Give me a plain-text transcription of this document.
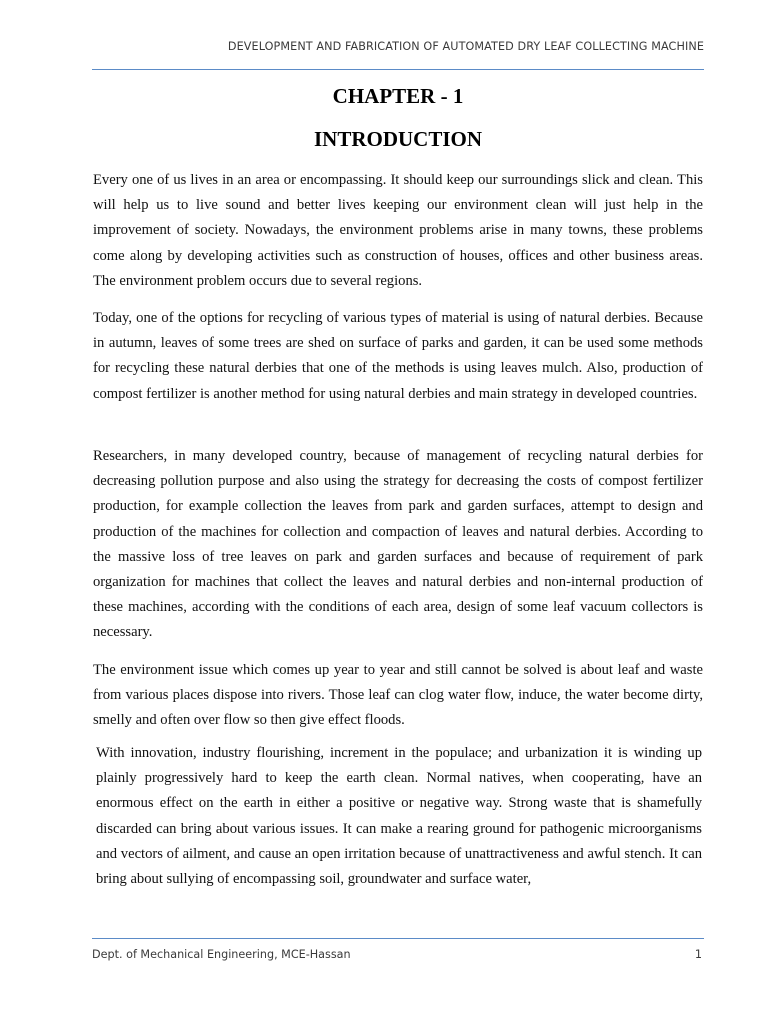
DEVELOPMENT AND FABRICATION OF AUTOMATED DRY LEAF COLLECTING MACHINE
CHAPTER - 1
INTRODUCTION

Every one of us lives in an area or encompassing. It should keep our surroundings slick and clean. This will help us to live sound and better lives keeping our environment clean will just help in the improvement of society. Nowadays, the environment problems arise in many towns, these problems come along by developing activities such as construction of houses, offices and other business areas. The environment problem occurs due to several regions.

Today, one of the options for recycling of various types of material is using of natural derbies. Because in autumn, leaves of some trees are shed on surface of parks and garden, it can be used some methods for recycling these natural derbies that one of the methods is using leaves mulch. Also, production of compost fertilizer is another method for using natural derbies and main strategy in developed countries.

Researchers, in many developed country, because of management of recycling natural derbies for decreasing pollution purpose and also using the strategy for decreasing the costs of compost fertilizer production, for example collection the leaves from park and garden surfaces, attempt to design and production of the machines for collection and compaction of leaves and natural derbies. According to the massive loss of tree leaves on park and garden surfaces and because of requirement of park organization for machines that collect the leaves and natural derbies and non-internal production of these machines, according with the conditions of each area, design of some leaf vacuum collectors is necessary.

The environment issue which comes up year to year and still cannot be solved is about leaf and waste from various places dispose into rivers. Those leaf can clog water flow, induce, the water become dirty, smelly and often over flow so then give effect floods.

With innovation, industry flourishing, increment in the populace; and urbanization it is winding up plainly progressively hard to keep the earth clean. Normal natives, when cooperating, have an enormous effect on the earth in either a positive or negative way. Strong waste that is shamefully discarded can bring about various issues. It can make a rearing ground for pathogenic microorganisms and vectors of ailment, and cause an open irritation because of unattractiveness and awful stench. It can bring about sullying of encompassing soil, groundwater and surface water,

Dept. of Mechanical Engineering, MCE-Hassan	1
